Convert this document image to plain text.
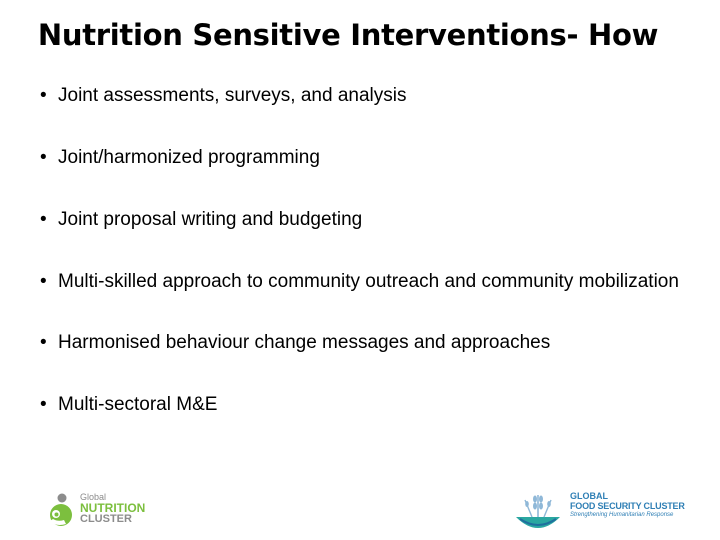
Nutrition Sensitive Interventions- How
• Joint assessments, surveys, and analysis
• Joint/harmonized programming
• Joint proposal writing and budgeting
• Multi-skilled approach to community outreach and community mobilization
• Harmonised behaviour change messages and approaches
• Multi-sectoral M&E
Global
NUTRITION
CLUSTER
GLOBAL
FOOD SECURITY CLUSTER
Strengthening Humanitarian Response
